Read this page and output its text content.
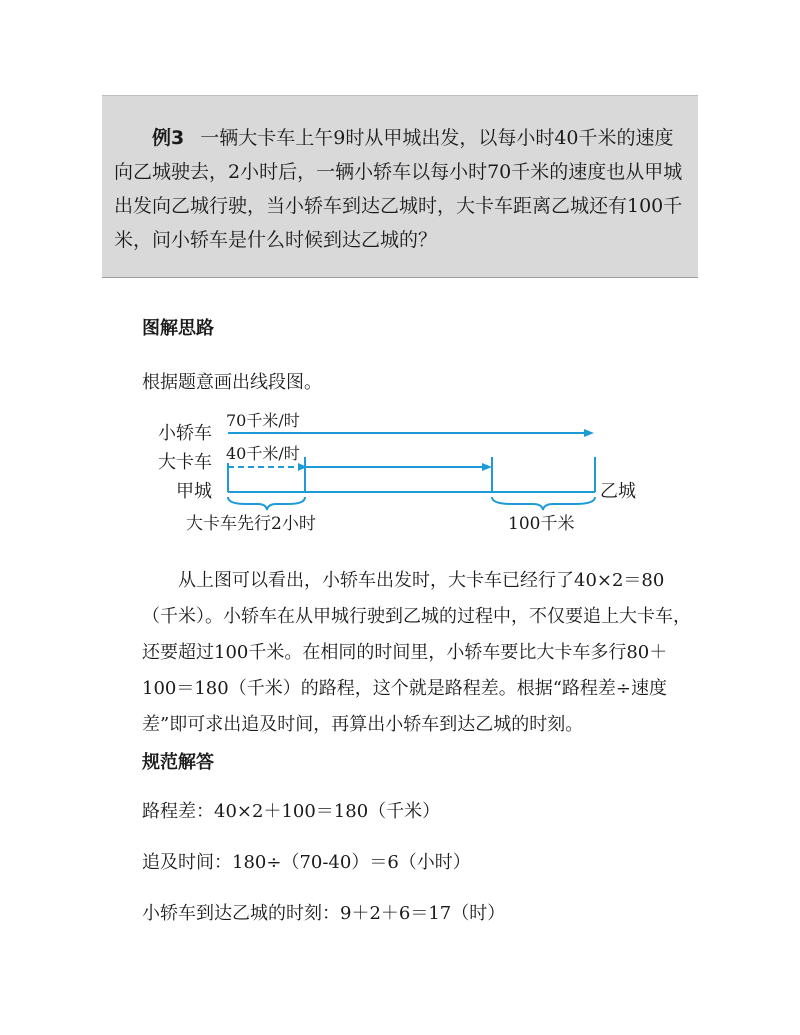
例3 一辆大卡车上午9时从甲城出发，以每小时40千米的速度向乙城驶去，2小时后，一辆小轿车以每小时70千米的速度也从甲城出发向乙城行驶，当小轿车到达乙城时，大卡车距离乙城还有100千米，问小轿车是什么时候到达乙城的？

图解思路

根据题意画出线段图。

小轿车
大卡车
甲城	乙城
70千米/时
40千米/时
大卡车先行2小时	100千米

从上图可以看出，小轿车出发时，大卡车已经行了40×2＝80（千米）。小轿车在从甲城行驶到乙城的过程中，不仅要追上大卡车，还要超过100千米。在相同的时间里，小轿车要比大卡车多行80＋100＝180（千米）的路程，这个就是路程差。根据“路程差÷速度差”即可求出追及时间，再算出小轿车到达乙城的时刻。

规范解答

路程差：40×2＋100＝180（千米）

追及时间：180÷（70-40）＝6（小时）

小轿车到达乙城的时刻：9＋2＋6＝17（时）
